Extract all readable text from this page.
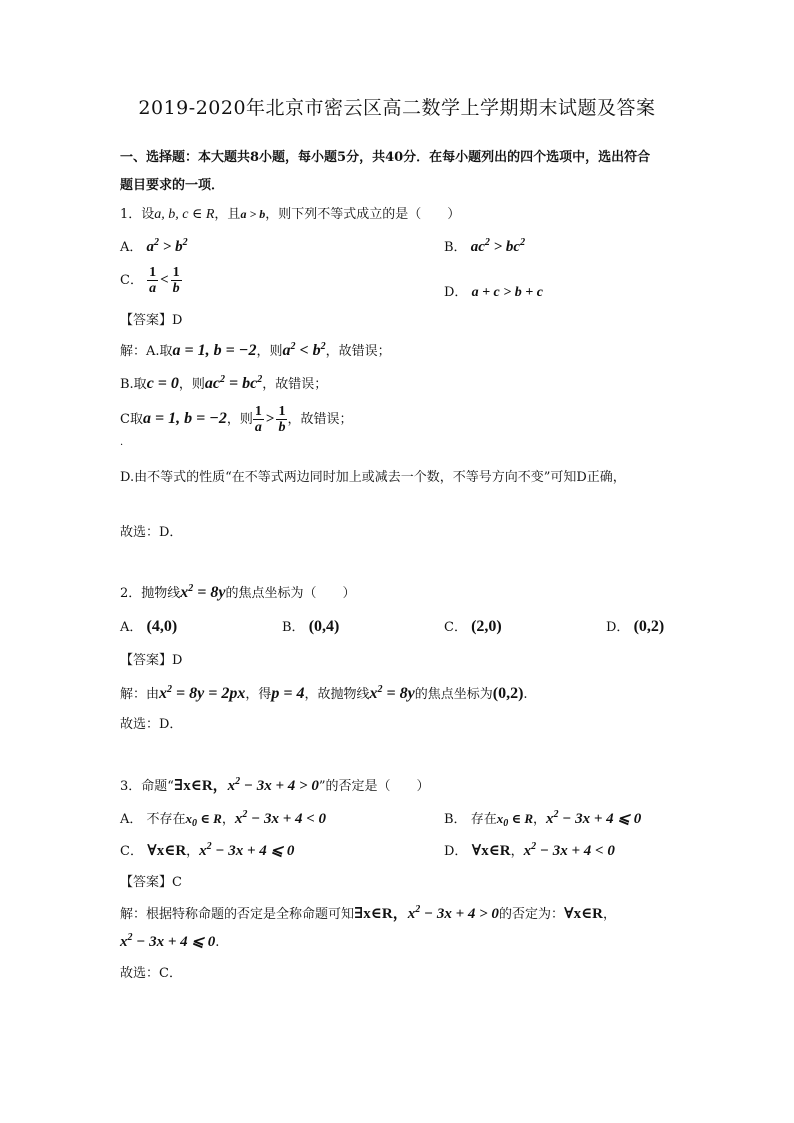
2019-2020年北京市密云区高二数学上学期期末试题及答案
一、选择题：本大题共8小题，每小题5分，共40分．在每小题列出的四个选项中，选出符合
题目要求的一项．
1．设a, b, c ∈ R，且a > b，则下列不等式成立的是（　　）
A． $a^2 > b^2$	B． $ac^2 > bc^2$
C． $\frac{1}{a} < \frac{1}{b}$	D． a + c > b + c
【答案】D
解：A.取a = 1, b = −2，则$a^2 < b^2$，故错误；
B.取c = 0，则$ac^2 = bc^2$，故错误；
C取a = 1, b = −2，则 $\frac{1}{a} > \frac{1}{b}$ ，故错误；
·
D.由不等式的性质“在不等式两边同时加上或减去一个数，不等号方向不变”可知D正确，
故选：D．
2．抛物线$x^2 = 8y$的焦点坐标为（　　）
A． (4,0)	B． (0,4)	C． (2,0)	D． (0,2)
【答案】D
解：由$x^2 = 8y = 2px$，得p = 4，故抛物线$x^2 = 8y$的焦点坐标为(0,2).
故选：D．
3．命题“∃x∈R，$x^2 - 3x + 4 > 0$”的否定是（　　）
A． 不存在$x_0$ ∈ R，$x^2 - 3x + 4 < 0$	B． 存在$x_0$ ∈ R，$x^2 - 3x + 4$ ⩽ 0
C． ∀x∈R，$x^2 - 3x + 4$ ⩽ 0	D． ∀x∈R，$x^2 - 3x + 4 < 0$
【答案】C
解：根据特称命题的否定是全称命题可知∃x∈R，$x^2 - 3x + 4 > 0$的否定为：∀x∈R，
$x^2 - 3x + 4$ ⩽ 0.
故选：C．
